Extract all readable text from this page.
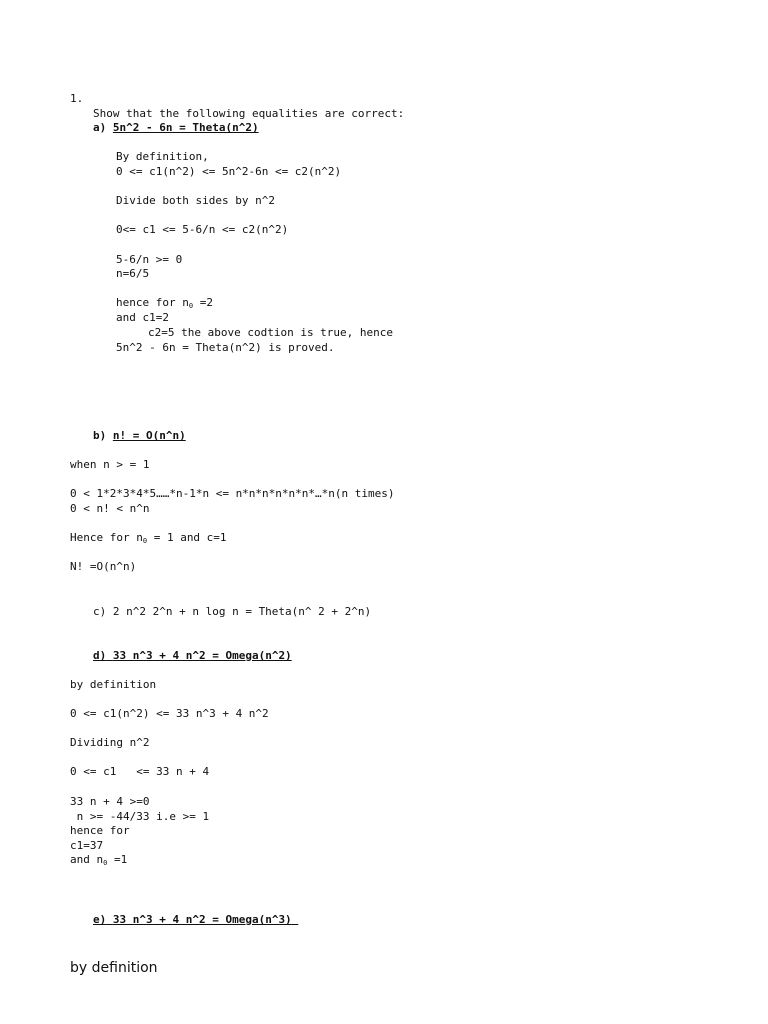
1.
Show that the following equalities are correct:
a) 5n^2 - 6n = Theta(n^2)
By definition,
0 <= c1(n^2) <= 5n^2-6n <= c2(n^2)
Divide both sides by n^2
0<= c1 <= 5-6/n <= c2(n^2)
5-6/n >= 0
n=6/5
hence for $n_0 =2$
and c1=2
c2=5 the above codtion is true, hence
5n^2 - 6n = Theta(n^2) is proved.
b) n! = O(n^n)
when n > = 1
0 < 1*2*3*4*5……*n-1*n <= n*n*n*n*n*n*…*n(n times)
0 < n! < n^n
Hence for $n_0 = 1$ and c=1
N! =O(n^n)
c) 2 n^2 2^n + n log n = Theta(n^ 2 + 2^n)
d) 33 n^3 + 4 n^2 = Omega(n^2)
by definition
0 <= c1(n^2) <= 33 n^3 + 4 n^2
Dividing n^2
0 <= c1   <= 33 n + 4
33 n + 4 >=0
n >= -44/33 i.e >= 1
hence for
c1=37
and $n_0 =1$
e) 33 n^3 + 4 n^2 = Omega(n^3)
by definition
